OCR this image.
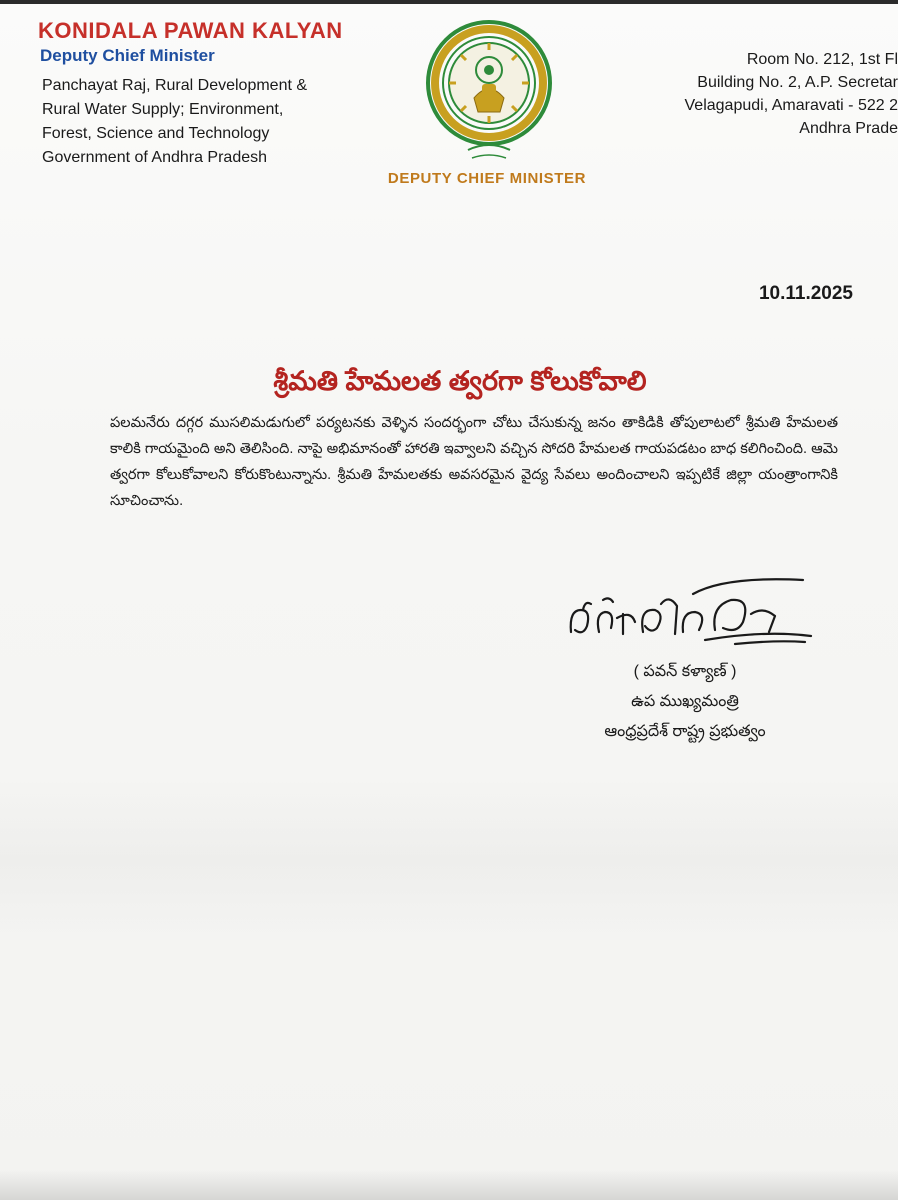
KONIDALA PAWAN KALYAN
Deputy Chief Minister
Panchayat Raj, Rural Development &
Rural Water Supply; Environment,
Forest, Science and Technology
Government of Andhra Pradesh
DEPUTY CHIEF MINISTER
Room No. 212, 1st Fl
Building No. 2, A.P. Secretar
Velagapudi, Amaravati - 522 2
Andhra Prade
10.11.2025
శ్రీమతి హేమలత త్వరగా కోలుకోవాలి

పలమనేరు దగ్గర ముసలిమడుగులో పర్యటనకు వెళ్ళిన సందర్భంగా చోటు చేసుకున్న జనం తాకిడికి తోపులాటలో శ్రీమతి హేమలత కాలికి గాయమైంది అని తెలిసింది. నాపై అభిమానంతో హారతి ఇవ్వాలని వచ్చిన సోదరి హేమలత గాయపడటం బాధ కలిగించింది. ఆమె త్వరగా కోలుకోవాలని కోరుకొంటున్నాను. శ్రీమతి హేమలతకు అవసరమైన వైద్య సేవలు అందించాలని ఇప్పటికే జిల్లా యంత్రాంగానికి సూచించాను.

( పవన్ కళ్యాణ్ )
ఉప ముఖ్యమంత్రి
ఆంధ్రప్రదేశ్ రాష్ట్ర ప్రభుత్వం
